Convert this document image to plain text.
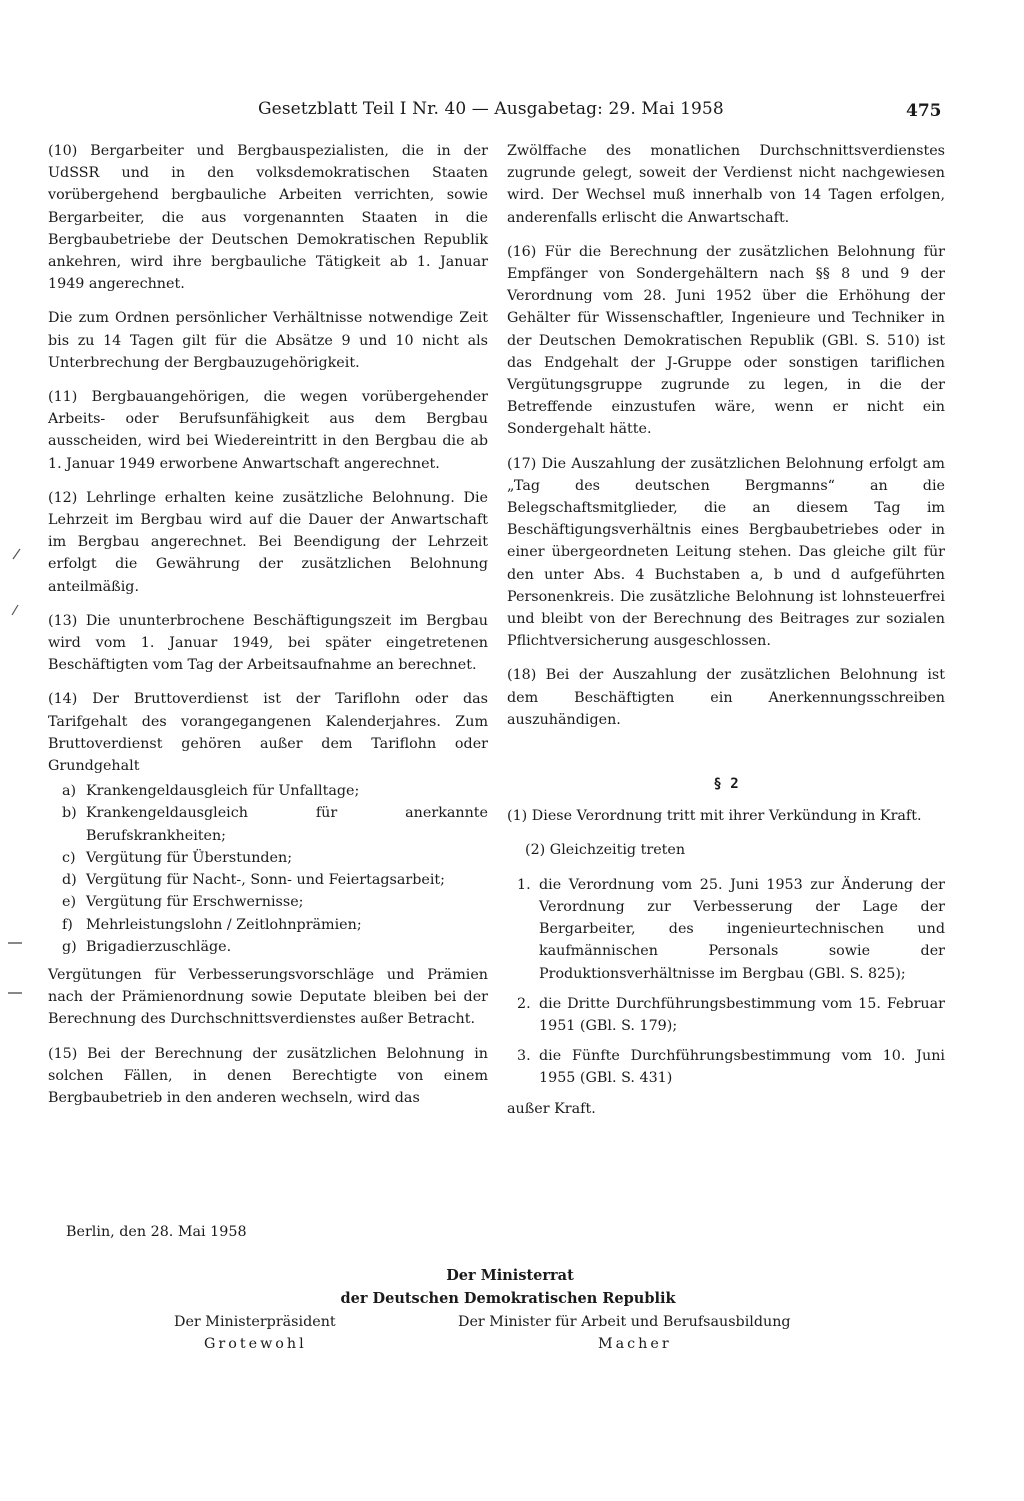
Gesetzblatt Teil I Nr. 40 — Ausgabetag: 29. Mai 1958	475

(10) Bergarbeiter und Bergbauspezialisten, die in der UdSSR und in den volksdemokratischen Staaten vorübergehend bergbauliche Arbeiten verrichten, sowie Bergarbeiter, die aus vorgenannten Staaten in die Bergbaubetriebe der Deutschen Demokratischen Republik ankehren, wird ihre bergbauliche Tätigkeit ab 1. Januar 1949 angerechnet.

Die zum Ordnen persönlicher Verhältnisse notwendige Zeit bis zu 14 Tagen gilt für die Absätze 9 und 10 nicht als Unterbrechung der Bergbauzugehörigkeit.

(11) Bergbauangehörigen, die wegen vorübergehender Arbeits- oder Berufsunfähigkeit aus dem Bergbau ausscheiden, wird bei Wiedereintritt in den Bergbau die ab 1. Januar 1949 erworbene Anwartschaft angerechnet.

(12) Lehrlinge erhalten keine zusätzliche Belohnung. Die Lehrzeit im Bergbau wird auf die Dauer der Anwartschaft im Bergbau angerechnet. Bei Beendigung der Lehrzeit erfolgt die Gewährung der zusätzlichen Belohnung anteilmäßig.

(13) Die ununterbrochene Beschäftigungszeit im Bergbau wird vom 1. Januar 1949, bei später eingetretenen Beschäftigten vom Tag der Arbeitsaufnahme an berechnet.

(14) Der Bruttoverdienst ist der Tariflohn oder das Tarifgehalt des vorangegangenen Kalenderjahres. Zum Bruttoverdienst gehören außer dem Tariflohn oder Grundgehalt

a) Krankengeldausgleich für Unfalltage;
b) Krankengeldausgleich für anerkannte Berufskrankheiten;
c) Vergütung für Überstunden;
d) Vergütung für Nacht-, Sonn- und Feiertagsarbeit;
e) Vergütung für Erschwernisse;
f) Mehrleistungslohn / Zeitlohnprämien;
g) Brigadierzuschläge.

Vergütungen für Verbesserungsvorschläge und Prämien nach der Prämienordnung sowie Deputate bleiben bei der Berechnung des Durchschnittsverdienstes außer Betracht.

(15) Bei der Berechnung der zusätzlichen Belohnung in solchen Fällen, in denen Berechtigte von einem Bergbaubetrieb in den anderen wechseln, wird das

Zwölffache des monatlichen Durchschnittsverdienstes zugrunde gelegt, soweit der Verdienst nicht nachgewiesen wird. Der Wechsel muß innerhalb von 14 Tagen erfolgen, anderenfalls erlischt die Anwartschaft.

(16) Für die Berechnung der zusätzlichen Belohnung für Empfänger von Sondergehältern nach §§ 8 und 9 der Verordnung vom 28. Juni 1952 über die Erhöhung der Gehälter für Wissenschaftler, Ingenieure und Techniker in der Deutschen Demokratischen Republik (GBl. S. 510) ist das Endgehalt der J-Gruppe oder sonstigen tariflichen Vergütungsgruppe zugrunde zu legen, in die der Betreffende einzustufen wäre, wenn er nicht ein Sondergehalt hätte.

(17) Die Auszahlung der zusätzlichen Belohnung erfolgt am „Tag des deutschen Bergmanns“ an die Belegschaftsmitglieder, die an diesem Tag im Beschäftigungsverhältnis eines Bergbaubetriebes oder in einer übergeordneten Leitung stehen. Das gleiche gilt für den unter Abs. 4 Buchstaben a, b und d aufgeführten Personenkreis. Die zusätzliche Belohnung ist lohnsteuerfrei und bleibt von der Berechnung des Beitrages zur sozialen Pflichtversicherung ausgeschlossen.

(18) Bei der Auszahlung der zusätzlichen Belohnung ist dem Beschäftigten ein Anerkennungsschreiben auszuhändigen.

§ 2

(1) Diese Verordnung tritt mit ihrer Verkündung in Kraft.

(2) Gleichzeitig treten

1. die Verordnung vom 25. Juni 1953 zur Änderung der Verordnung zur Verbesserung der Lage der Bergarbeiter, des ingenieurtechnischen und kaufmännischen Personals sowie der Produktionsverhältnisse im Bergbau (GBl. S. 825);
2. die Dritte Durchführungsbestimmung vom 15. Februar 1951 (GBl. S. 179);
3. die Fünfte Durchführungsbestimmung vom 10. Juni 1955 (GBl. S. 431)

außer Kraft.

Berlin, den 28. Mai 1958
Der Ministerrat
der Deutschen Demokratischen Republik
Der Ministerpräsident
Grotewohl
Der Minister für Arbeit und Berufsausbildung
Macher
